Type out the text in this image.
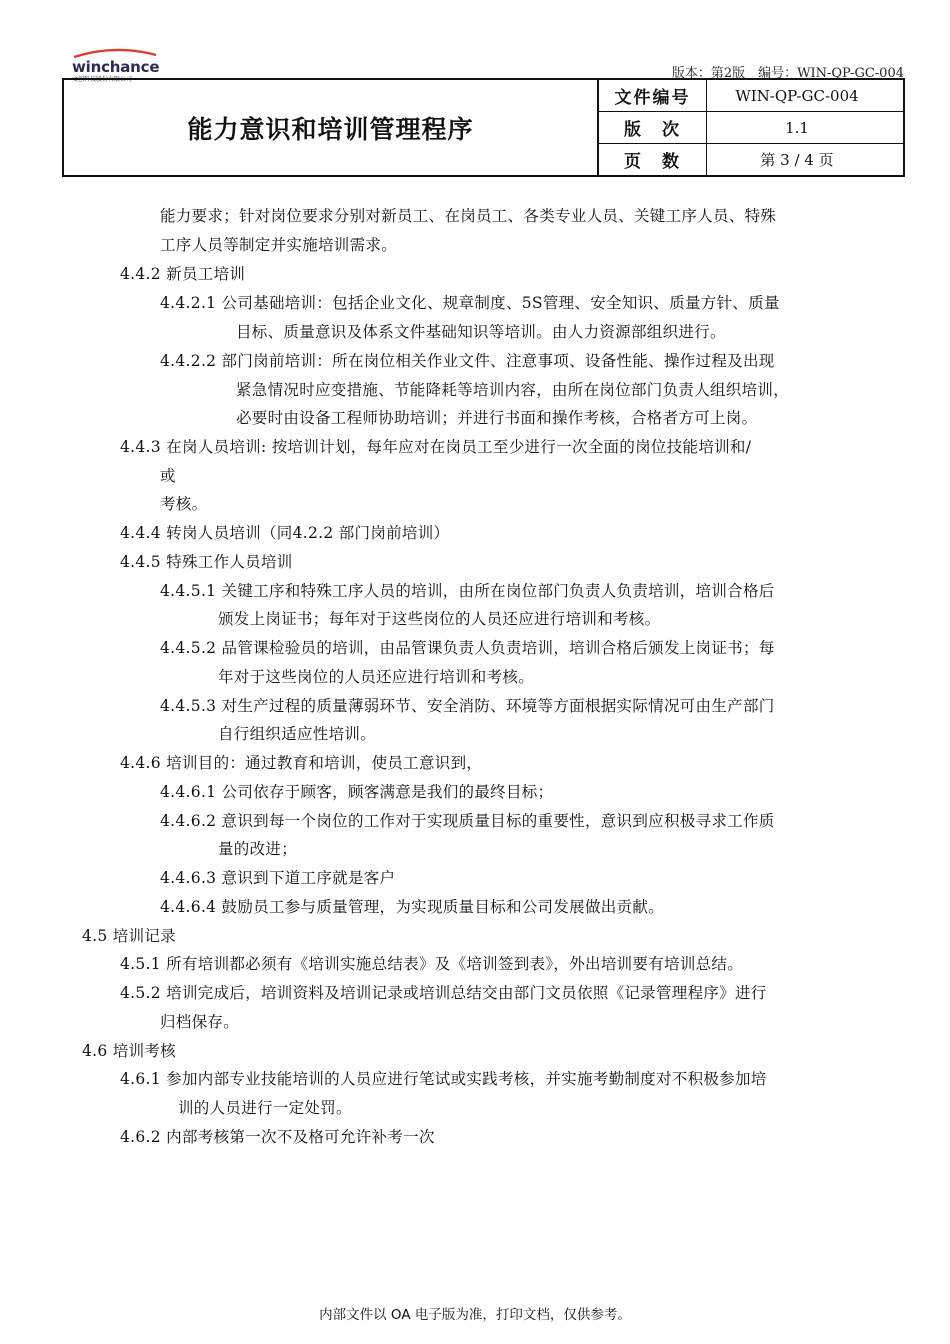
winchance
文创科技股份有限公司	版本：第2版　编号：WIN-QP-GC-004
能力意识和培训管理程序
文件编号	WIN-QP-GC-004
版　次	1.1
页　数	第 3 / 4 页
能力要求；针对岗位要求分别对新员工、在岗员工、各类专业人员、关键工序人员、特殊
工序人员等制定并实施培训需求。
4.4.2 新员工培训
4.4.2.1 公司基础培训：包括企业文化、规章制度、5S管理、安全知识、质量方针、质量
目标、质量意识及体系文件基础知识等培训。由人力资源部组织进行。
4.4.2.2 部门岗前培训：所在岗位相关作业文件、注意事项、设备性能、操作过程及出现
紧急情况时应变措施、节能降耗等培训内容，由所在岗位部门负责人组织培训，
必要时由设备工程师协助培训；并进行书面和操作考核，合格者方可上岗。
4.4.3 在岗人员培训: 按培训计划，每年应对在岗员工至少进行一次全面的岗位技能培训和/
或
考核。
4.4.4 转岗人员培训（同4.2.2 部门岗前培训）
4.4.5 特殊工作人员培训
4.4.5.1 关键工序和特殊工序人员的培训，由所在岗位部门负责人负责培训，培训合格后
颁发上岗证书；每年对于这些岗位的人员还应进行培训和考核。
4.4.5.2 品管课检验员的培训，由品管课负责人负责培训，培训合格后颁发上岗证书；每
年对于这些岗位的人员还应进行培训和考核。
4.4.5.3 对生产过程的质量薄弱环节、安全消防、环境等方面根据实际情况可由生产部门
自行组织适应性培训。
4.4.6 培训目的：通过教育和培训，使员工意识到，
4.4.6.1 公司依存于顾客，顾客满意是我们的最终目标；
4.4.6.2 意识到每一个岗位的工作对于实现质量目标的重要性，意识到应积极寻求工作质
量的改进；
4.4.6.3 意识到下道工序就是客户
4.4.6.4 鼓励员工参与质量管理，为实现质量目标和公司发展做出贡献。
4.5 培训记录
4.5.1 所有培训都必须有《培训实施总结表》及《培训签到表》，外出培训要有培训总结。
4.5.2 培训完成后，培训资料及培训记录或培训总结交由部门文员依照《记录管理程序》进行
归档保存。
4.6 培训考核
4.6.1 参加内部专业技能培训的人员应进行笔试或实践考核，并实施考勤制度对不积极参加培
训的人员进行一定处罚。
4.6.2 内部考核第一次不及格可允许补考一次
内部文件以 OA 电子版为准，打印文档，仅供参考。
